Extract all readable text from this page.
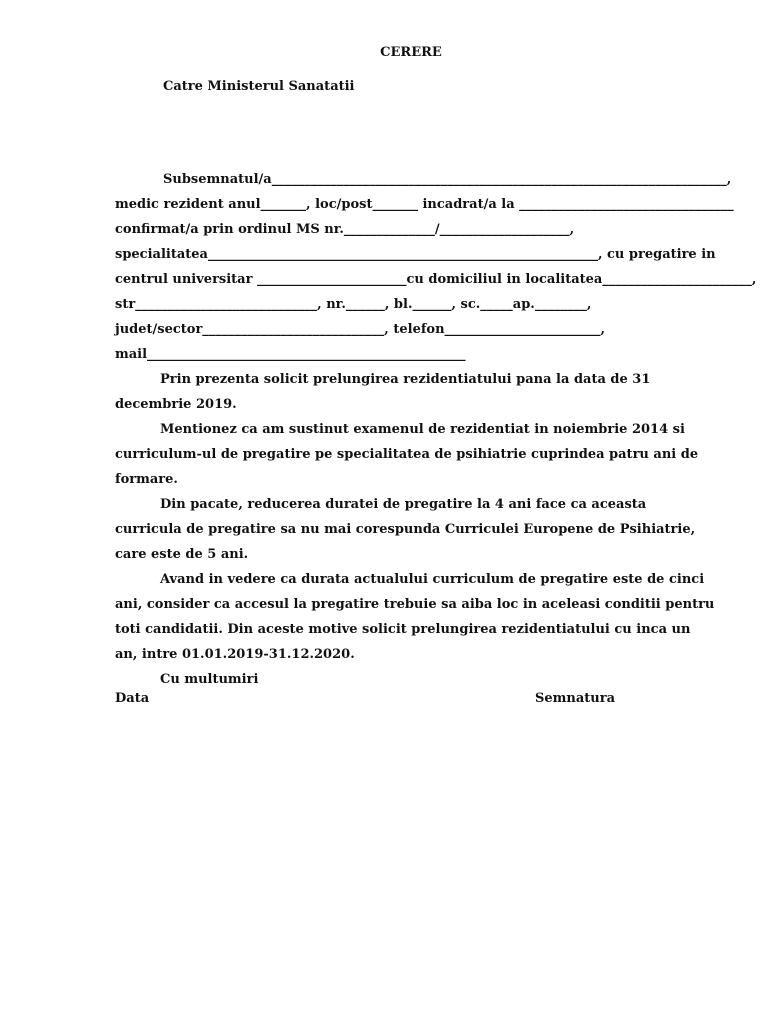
CERERE
Catre Ministerul Sanatatii
Subsemnatul/a______________________________________________________________________,
medic rezident anul_______, loc/post_______ incadrat/a la _________________________________
confirmat/a prin ordinul MS nr.______________/____________________,
specialitatea____________________________________________________________, cu pregatire in
centrul universitar _______________________cu domiciliul in localitatea_______________________,
str____________________________, nr.______, bl.______, sc._____ap.________,
judet/sector____________________________, telefon________________________,
mail_________________________________________________

Prin prezenta solicit prelungirea rezidentiatului pana la data de 31 decembrie 2019.

Mentionez ca am sustinut examenul de rezidentiat in noiembrie 2014 si curriculum-ul de pregatire pe specialitatea de psihiatrie cuprindea patru ani de formare.

Din pacate, reducerea duratei de pregatire la 4 ani face ca aceasta curricula de pregatire sa nu mai corespunda Curriculei Europene de Psihiatrie, care este de 5 ani.

Avand in vedere ca durata actualului curriculum de pregatire este de cinci ani, consider ca accesul la pregatire trebuie sa aiba loc in aceleasi conditii pentru toti candidatii. Din aceste motive solicit prelungirea rezidentiatului cu inca un an, intre 01.01.2019-31.12.2020.

Cu multumiri

Data	Semnatura
